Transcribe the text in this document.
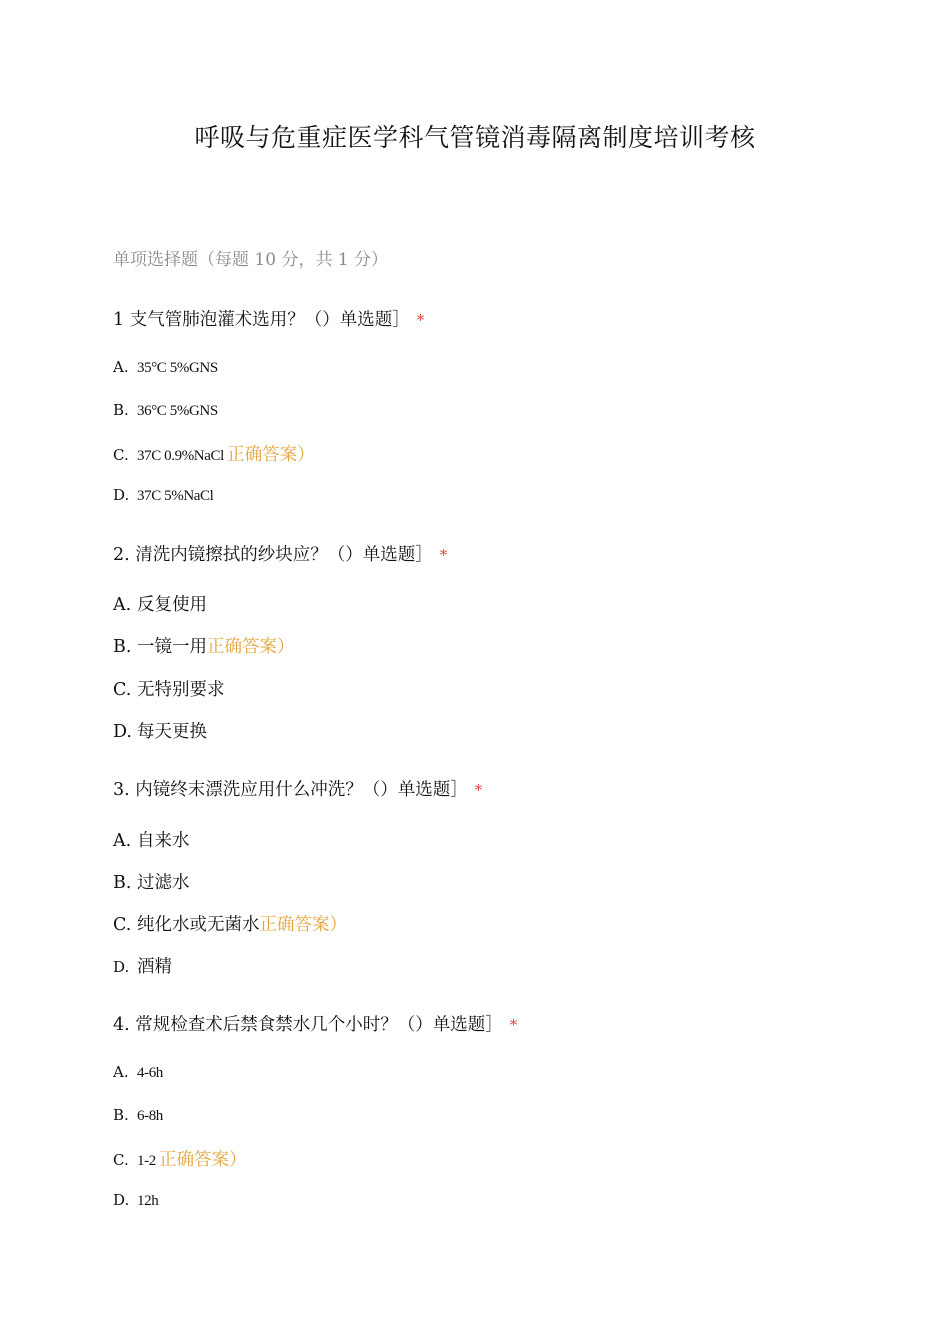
呼吸与危重症医学科气管镜消毒隔离制度培训考核
单项选择题（每题 10 分，共 1 分）
1 支气管肺泡灌术选用？（）单选题］ *
A. 35°C 5%GNS
B. 36°C 5%GNS
C. 37C 0.9%NaCl 正确答案）
D. 37C 5%NaCl
2. 清洗内镜擦拭的纱块应？（）单选题］ *
A. 反复使用
B. 一镜一用正确答案）
C. 无特别要求
D. 每天更换
3. 内镜终末漂洗应用什么冲洗？（）单选题］ *
A. 自来水
B. 过滤水
C. 纯化水或无菌水正确答案）
D. 酒精
4. 常规检查术后禁食禁水几个小时？（）单选题］ *
A. 4-6h
B. 6-8h
C. 1-2 正确答案）
D. 12h
